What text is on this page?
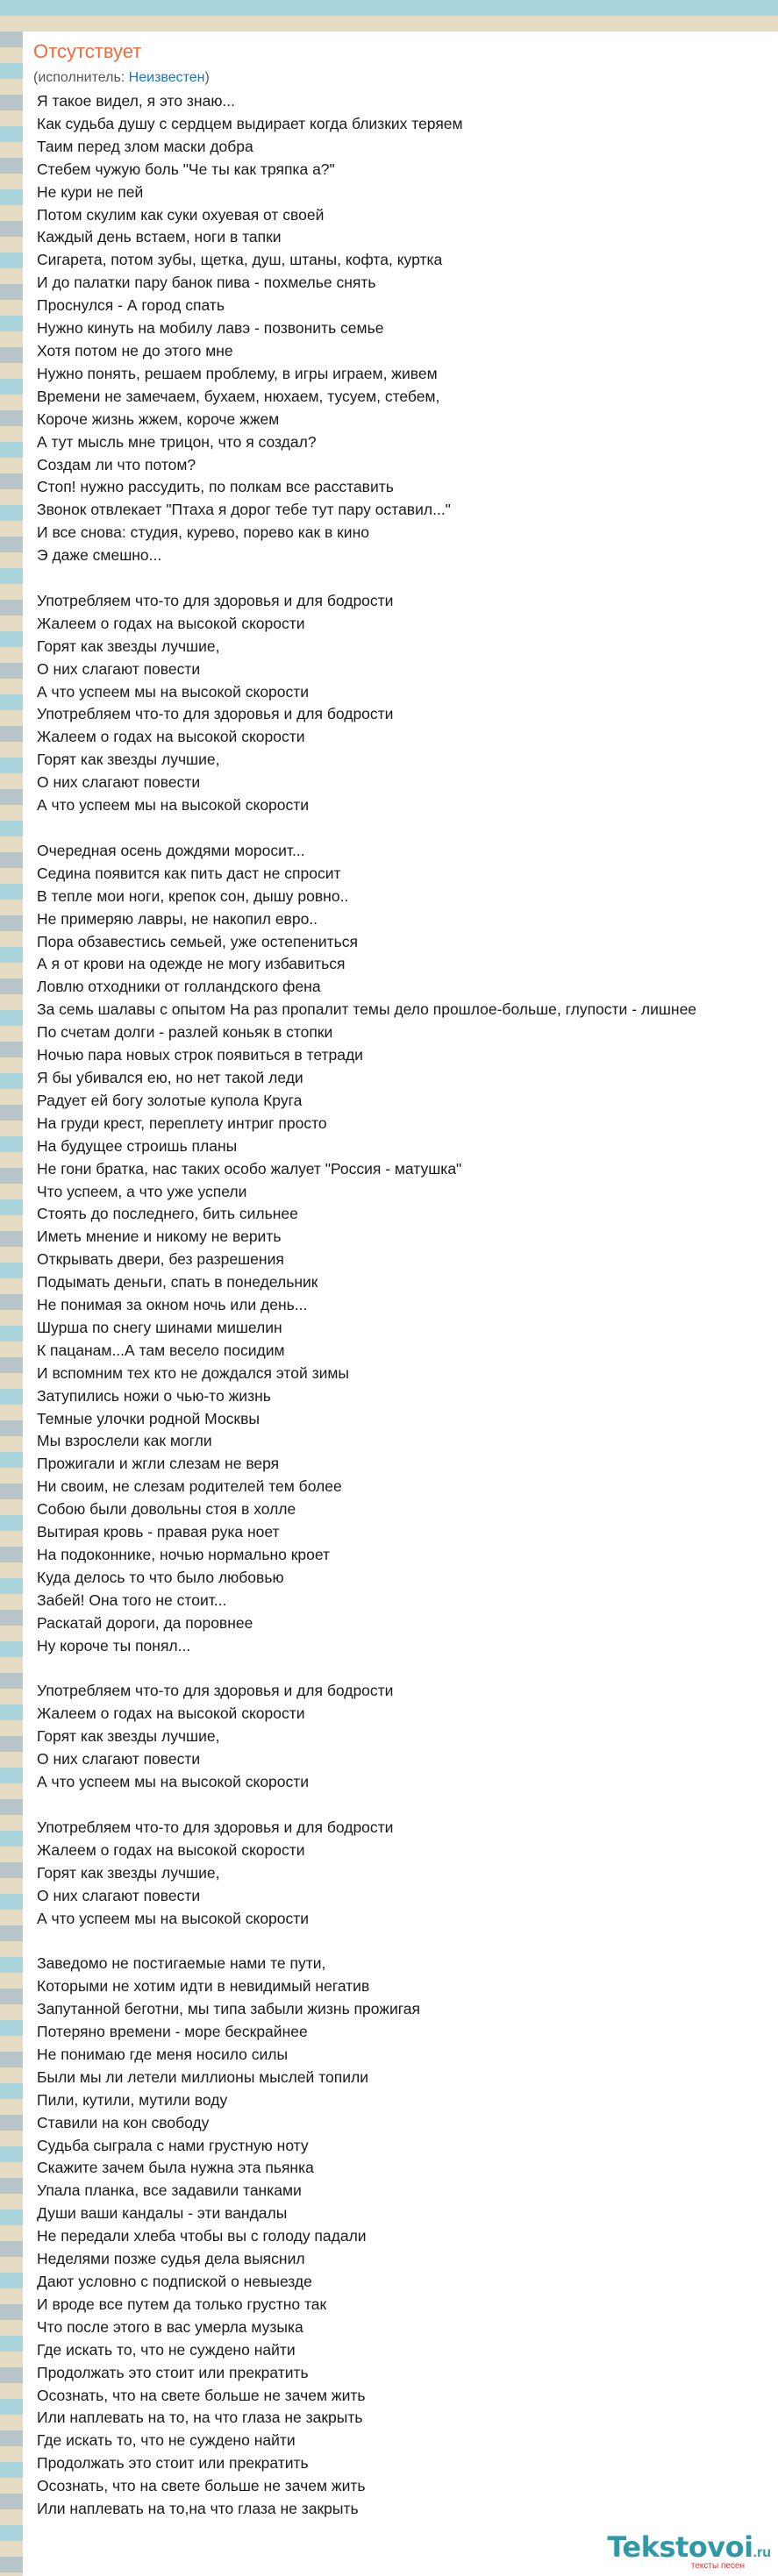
Отсутствует
(исполнитель: Неизвестен)
Я такое видел, я это знаю...
Как судьба душу с сердцем выдирает когда близких теряем
Таим перед злом маски добра
Стебем чужую боль "Че ты как тряпка а?"
Не кури не пей
Потом скулим как суки охуевая от своей
Каждый день встаем, ноги в тапки
Сигарета, потом зубы, щетка, душ, штаны, кофта, куртка
И до палатки пару банок пива - похмелье снять
Проснулся - А город спать
Нужно кинуть на мобилу лавэ - позвонить семье
Хотя потом не до этого мне
Нужно понять, решаем проблему, в игры играем, живем
Времени не замечаем, бухаем, нюхаем, тусуем, стебем,
Короче жизнь жжем, короче жжем
А тут мысль мне трицон, что я создал?
Создам ли что потом?
Стоп! нужно рассудить, по полкам все расставить
Звонок отвлекает "Птаха я дорог тебе тут пару оставил..."
И все снова: студия, курево, порево как в кино
Э даже смешно...

Употребляем что-то для здоровья и для бодрости
Жалеем о годах на высокой скорости
Горят как звезды лучшие,
О них слагают повести
А что успеем мы на высокой скорости
Употребляем что-то для здоровья и для бодрости
Жалеем о годах на высокой скорости
Горят как звезды лучшие,
О них слагают повести
А что успеем мы на высокой скорости

Очередная осень дождями моросит...
Седина появится как пить даст не спросит
В тепле мои ноги, крепок сон, дышу ровно..
Не примеряю лавры, не накопил евро..
Пора обзавестись семьей, уже остепениться
А я от крови на одежде не могу избавиться
Ловлю отходники от голландского фена
За семь шалавы с опытом На раз пропалит темы дело прошлое-больше, глупости - лишнее
По счетам долги - разлей коньяк в стопки
Ночью пара новых строк появиться в тетради
Я бы убивался ею, но нет такой леди
Радует ей богу золотые купола Круга
На груди крест, переплету интриг просто
На будущее строишь планы
Не гони братка, нас таких особо жалует "Россия - матушка"
Что успеем, а что уже успели
Стоять до последнего, бить сильнее
Иметь мнение и никому не верить
Открывать двери, без разрешения
Подымать деньги, спать в понедельник
Не понимая за окном ночь или день...
Шурша по снегу шинами мишелин
К пацанам...А там весело посидим
И вспомним тех кто не дождался этой зимы
Затупились ножи о чью-то жизнь
Темные улочки родной Москвы
Мы взрослели как могли
Прожигали и жгли слезам не веря
Ни своим, не слезам родителей тем более
Собою были довольны стоя в холле
Вытирая кровь - правая рука ноет
На подоконнике, ночью нормально кроет
Куда делось то что было любовью
Забей! Она того не стоит...
Раскатай дороги, да поровнее
Ну короче ты понял...

Употребляем что-то для здоровья и для бодрости
Жалеем о годах на высокой скорости
Горят как звезды лучшие,
О них слагают повести
А что успеем мы на высокой скорости

Употребляем что-то для здоровья и для бодрости
Жалеем о годах на высокой скорости
Горят как звезды лучшие,
О них слагают повести
А что успеем мы на высокой скорости

Заведомо не постигаемые нами те пути,
Которыми не хотим идти в невидимый негатив
Запутанной беготни, мы типа забыли жизнь прожигая
Потеряно времени - море бескрайнее
Не понимаю где меня носило силы
Были мы ли летели миллионы мыслей топили
Пили, кутили, мутили воду
Ставили на кон свободу
Судьба сыграла с нами грустную ноту
Скажите зачем была нужна эта пьянка
Упала планка, все задавили танками
Души ваши кандалы - эти вандалы
Не передали хлеба чтобы вы с голоду падали
Неделями позже судья дела выяснил
Дают условно с подпиской о невыезде
И вроде все путем да только грустно так
Что после этого в вас умерла музыка
Где искать то, что не суждено найти
Продолжать это стоит или прекратить
Осознать, что на свете больше не зачем жить
Или наплевать на то, на что глаза не закрыть
Где искать то, что не суждено найти
Продолжать это стоит или прекратить
Осознать, что на свете больше не зачем жить
Или наплевать на то,на что глаза не закрыть
Tekstovoi.ru
тексты песен
